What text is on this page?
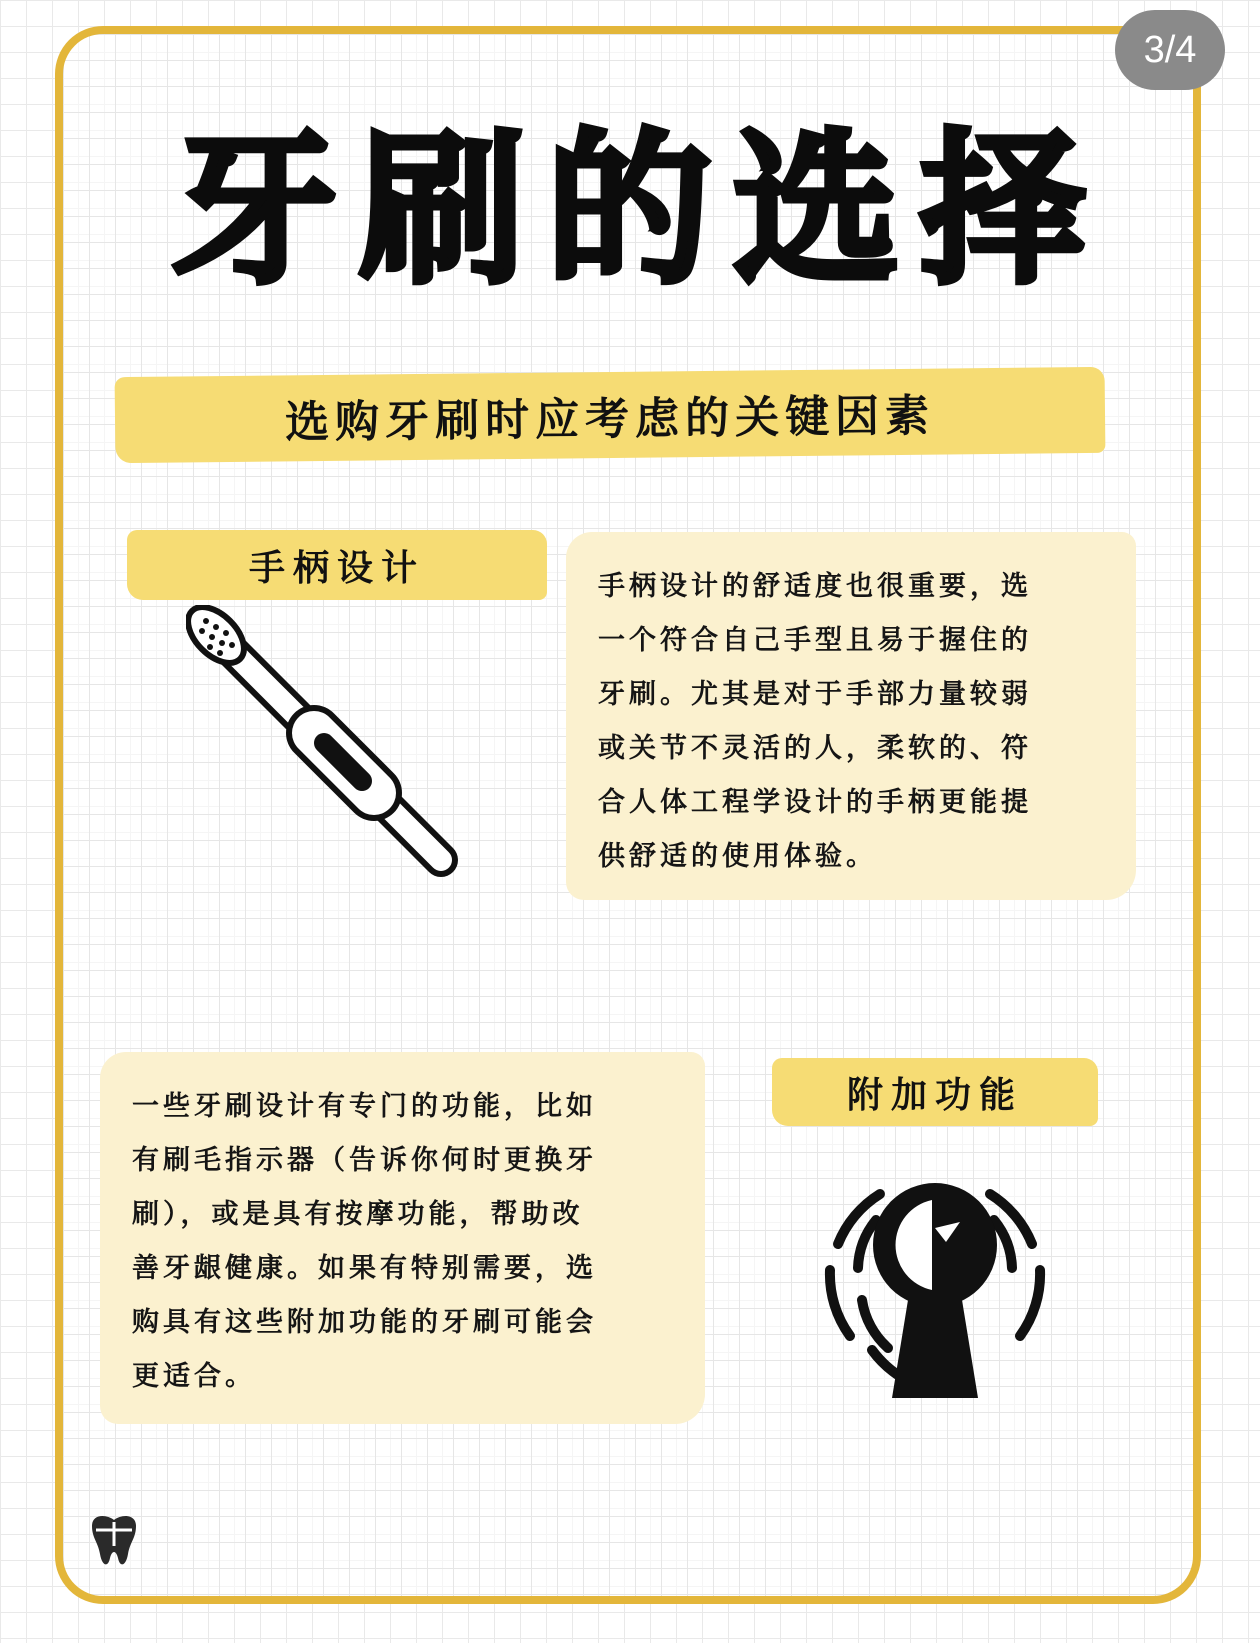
3/4
牙刷的选择
选购牙刷时应考虑的关键因素
手柄设计	手柄设计的舒适度也很重要，选
一个符合自己手型且易于握住的
牙刷。尤其是对于手部力量较弱
或关节不灵活的人，柔软的、符
合人体工程学设计的手柄更能提
供舒适的使用体验。
一些牙刷设计有专门的功能，比如
有刷毛指示器（告诉你何时更换牙
刷），或是具有按摩功能，帮助改
善牙龈健康。如果有特别需要，选
购具有这些附加功能的牙刷可能会
更适合。
附加功能
